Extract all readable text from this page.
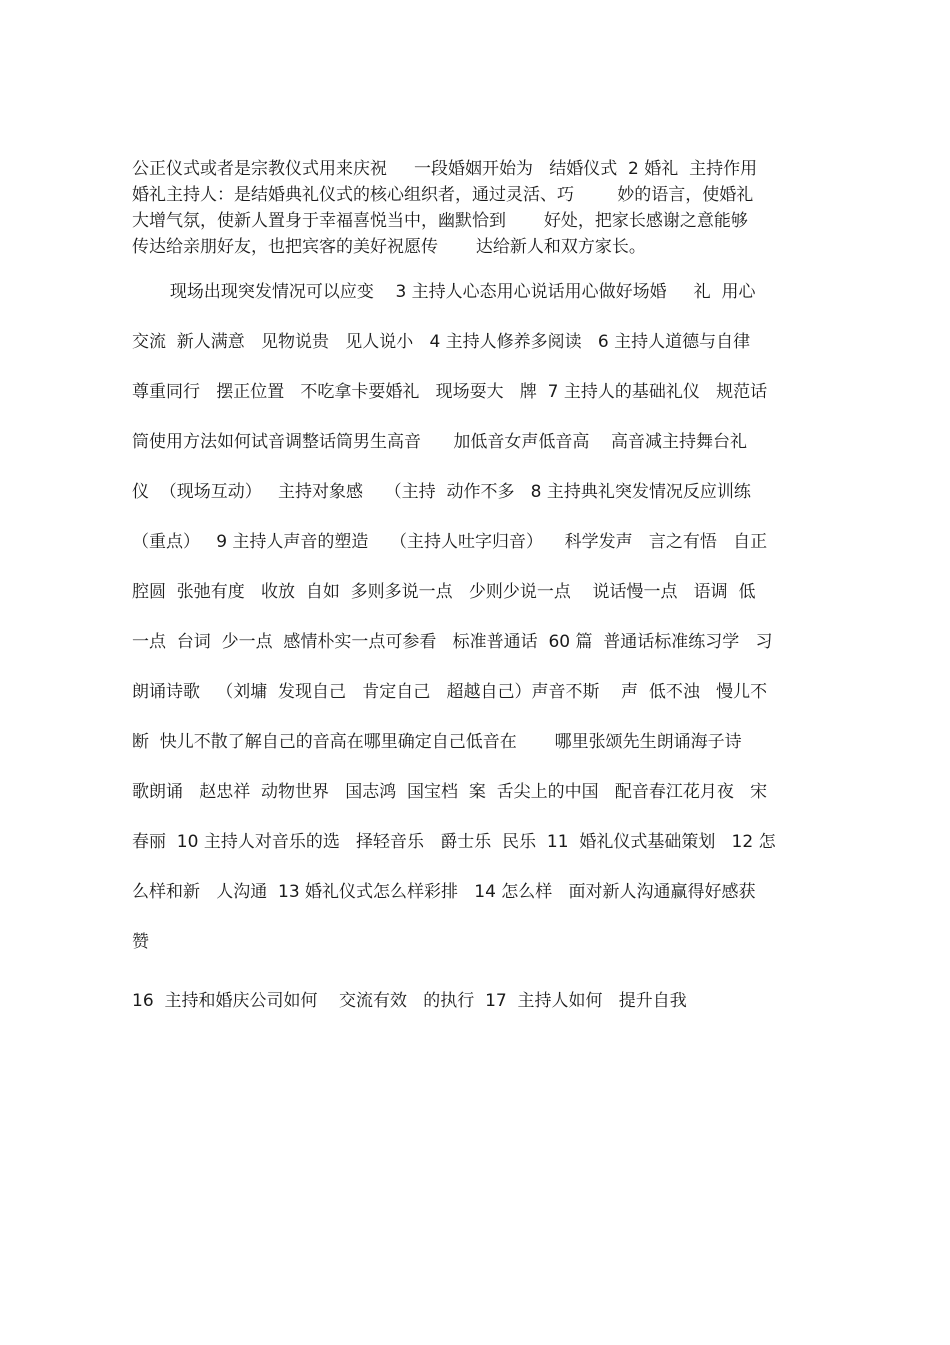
公正仪式或者是宗教仪式用来庆祝     一段婚姻开始为   结婚仪式  2 婚礼  主持作用
婚礼主持人：是结婚典礼仪式的核心组织者，通过灵活、巧        妙的语言，使婚礼
大增气氛，使新人置身于幸福喜悦当中，幽默恰到       好处，把家长感谢之意能够
传达给亲朋好友，也把宾客的美好祝愿传       达给新人和双方家长。
现场出现突发情况可以应变    3 主持人心态用心说话用心做好场婚     礼  用心
交流  新人满意   见物说贵   见人说小   4 主持人修养多阅读   6 主持人道德与自律
尊重同行   摆正位置   不吃拿卡要婚礼   现场耍大   牌  7 主持人的基础礼仪   规范话
筒使用方法如何试音调整话筒男生高音      加低音女声低音高    高音减主持舞台礼
仪  （现场互动）   主持对象感    （主持  动作不多   8 主持典礼突发情况反应训练
（重点）   9 主持人声音的塑造    （主持人吐字归音）    科学发声   言之有悟   自正
腔圆  张弛有度   收放  自如  多则多说一点   少则少说一点    说话慢一点   语调  低
一点  台词  少一点  感情朴实一点可参看   标准普通话  60 篇  普通话标准练习学   习
朗诵诗歌   （刘墉  发现自己   肯定自己   超越自己）声音不斯    声  低不浊   慢儿不
断  快儿不散了解自己的音高在哪里确定自己低音在       哪里张颂先生朗诵海子诗
歌朗诵   赵忠祥  动物世界   国志鸿  国宝档  案  舌尖上的中国   配音春江花月夜   宋
春丽  10 主持人对音乐的选   择轻音乐   爵士乐  民乐  11  婚礼仪式基础策划   12 怎
么样和新   人沟通  13 婚礼仪式怎么样彩排   14 怎么样   面对新人沟通赢得好感获
赞
16  主持和婚庆公司如何    交流有效   的执行  17  主持人如何   提升自我
